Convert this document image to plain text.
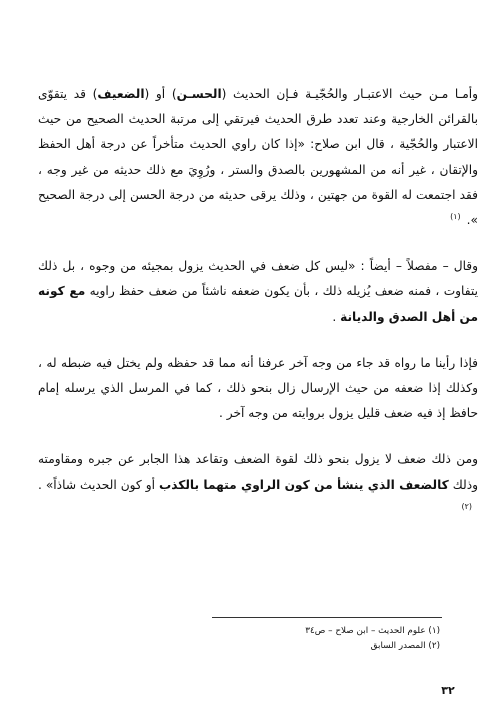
وأمـا مـن حيث الاعتبـار والحُجّيـة فـإن الحديث (الحسـن) أو (الضعيف) قد يتقوّى بالقرائن الخارجية وعند تعدد طرق الحديث فيرتقي إلى مرتبة الحديث الصحيح من حيث الاعتبار والحُجّية ، قال ابن صلاح: «إذا كان راوي الحديث متأخراً عن درجة أهل الحفظ والإتقان ، غير أنه من المشهورين بالصدق والستر ، ورُوِيَ مع ذلك حديثه من غير وجه ، فقد اجتمعت له القوة من جهتين ، وذلك يرقى حديثه من درجة الحسن إلى درجة الصحيح ».$^{(١)}$

وقال – مفصلاً – أيضاً : «ليس كل ضعف في الحديث يزول بمجيئه من وجوه ، بل ذلك يتفاوت ، فمنه ضعف يُزيله ذلك ، بأن يكون ضعفه ناشئاً من ضعف حفظ راويه مع كونه من أهل الصدق والديانة .

فإذا رأينا ما رواه قد جاء من وجه آخر عرفنا أنه مما قد حفظه ولم يختل فيه ضبطه له ، وكذلك إذا ضعفه من حيث الإرسال زال بنحو ذلك ، كما في المرسل الذي يرسله إمام حافظ إذ فيه ضعف قليل يزول بروايته من وجه آخر .

ومن ذلك ضعف لا يزول بنحو ذلك لقوة الضعف وتقاعد هذا الجابر عن جبره ومقاومته وذلك كالضعف الذي ينشأ من كون الراوي متهما بالكذب أو كون الحديث شاذاً» .$^{(٢)}$

(١) علوم الحديث – ابن صلاح – ص٣٤

(٢) المصدر السابق

٣٢
